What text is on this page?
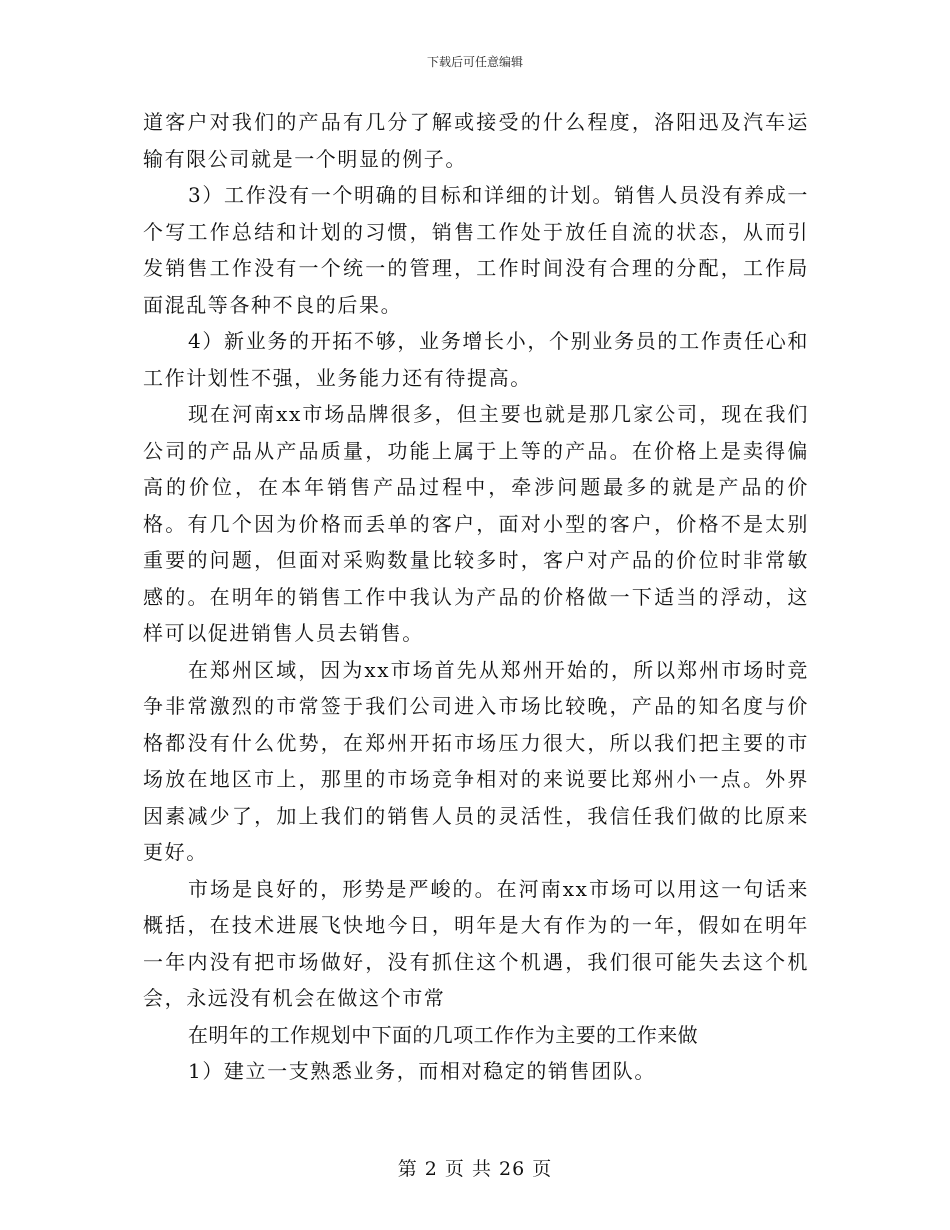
下载后可任意编辑

道客户对我们的产品有几分了解或接受的什么程度，洛阳迅及汽车运输有限公司就是一个明显的例子。

3）工作没有一个明确的目标和详细的计划。销售人员没有养成一个写工作总结和计划的习惯，销售工作处于放任自流的状态，从而引发销售工作没有一个统一的管理，工作时间没有合理的分配，工作局面混乱等各种不良的后果。

4）新业务的开拓不够，业务增长小，个别业务员的工作责任心和工作计划性不强，业务能力还有待提高。

现在河南xx市场品牌很多，但主要也就是那几家公司，现在我们公司的产品从产品质量，功能上属于上等的产品。在价格上是卖得偏高的价位，在本年销售产品过程中，牵涉问题最多的就是产品的价格。有几个因为价格而丢单的客户，面对小型的客户，价格不是太别重要的问题，但面对采购数量比较多时，客户对产品的价位时非常敏感的。在明年的销售工作中我认为产品的价格做一下适当的浮动，这样可以促进销售人员去销售。

在郑州区域，因为xx市场首先从郑州开始的，所以郑州市场时竞争非常激烈的市常签于我们公司进入市场比较晚，产品的知名度与价格都没有什么优势，在郑州开拓市场压力很大，所以我们把主要的市场放在地区市上，那里的市场竞争相对的来说要比郑州小一点。外界因素减少了，加上我们的销售人员的灵活性，我信任我们做的比原来更好。

市场是良好的，形势是严峻的。在河南xx市场可以用这一句话来概括，在技术进展飞快地今日，明年是大有作为的一年，假如在明年一年内没有把市场做好，没有抓住这个机遇，我们很可能失去这个机会，永远没有机会在做这个市常

在明年的工作规划中下面的几项工作作为主要的工作来做

1）建立一支熟悉业务，而相对稳定的销售团队。

第 2 页 共 26 页
